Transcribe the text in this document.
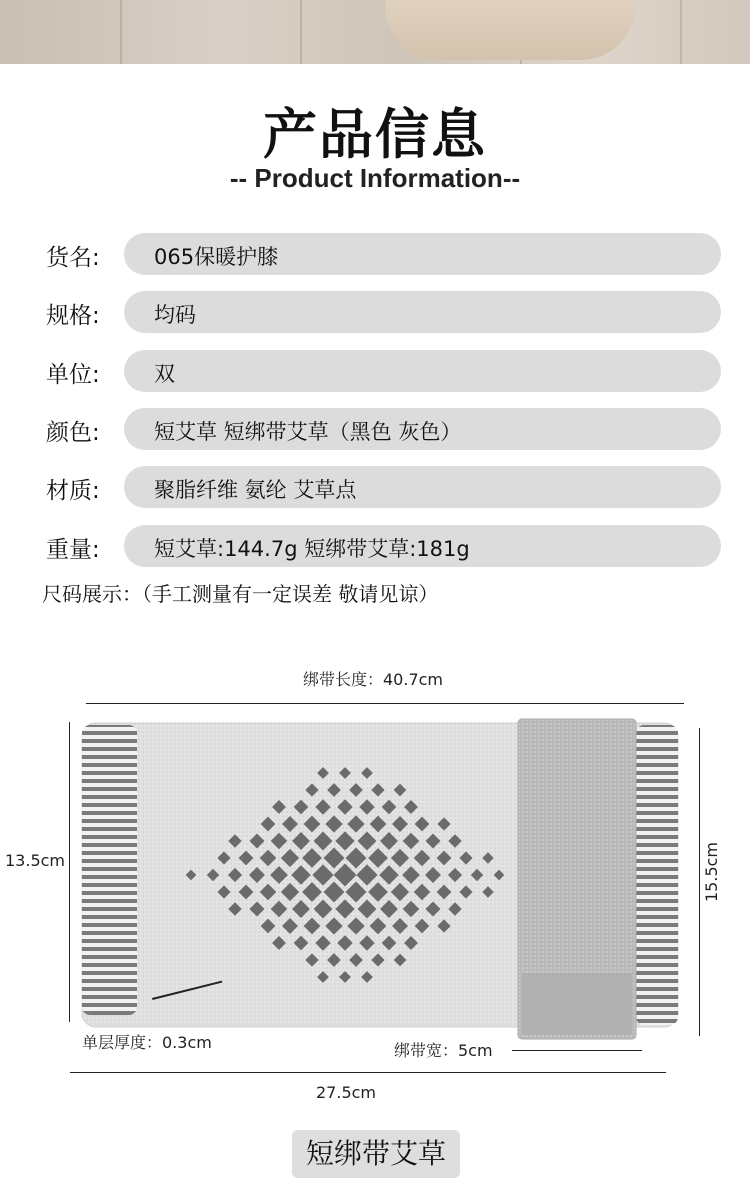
产品信息
-- Product Information--
货名:	065保暖护膝
规格:	均码
单位:	双
颜色:	短艾草 短绑带艾草（黑色 灰色）
材质:	聚脂纤维 氨纶 艾草点
重量:	短艾草:144.7g 短绑带艾草:181g
尺码展示：（手工测量有一定误差 敬请见谅）
绑带长度：40.7cm
13.5cm	15.5cm
单层厚度：0.3cm	绑带宽：5cm
27.5cm
短绑带艾草
